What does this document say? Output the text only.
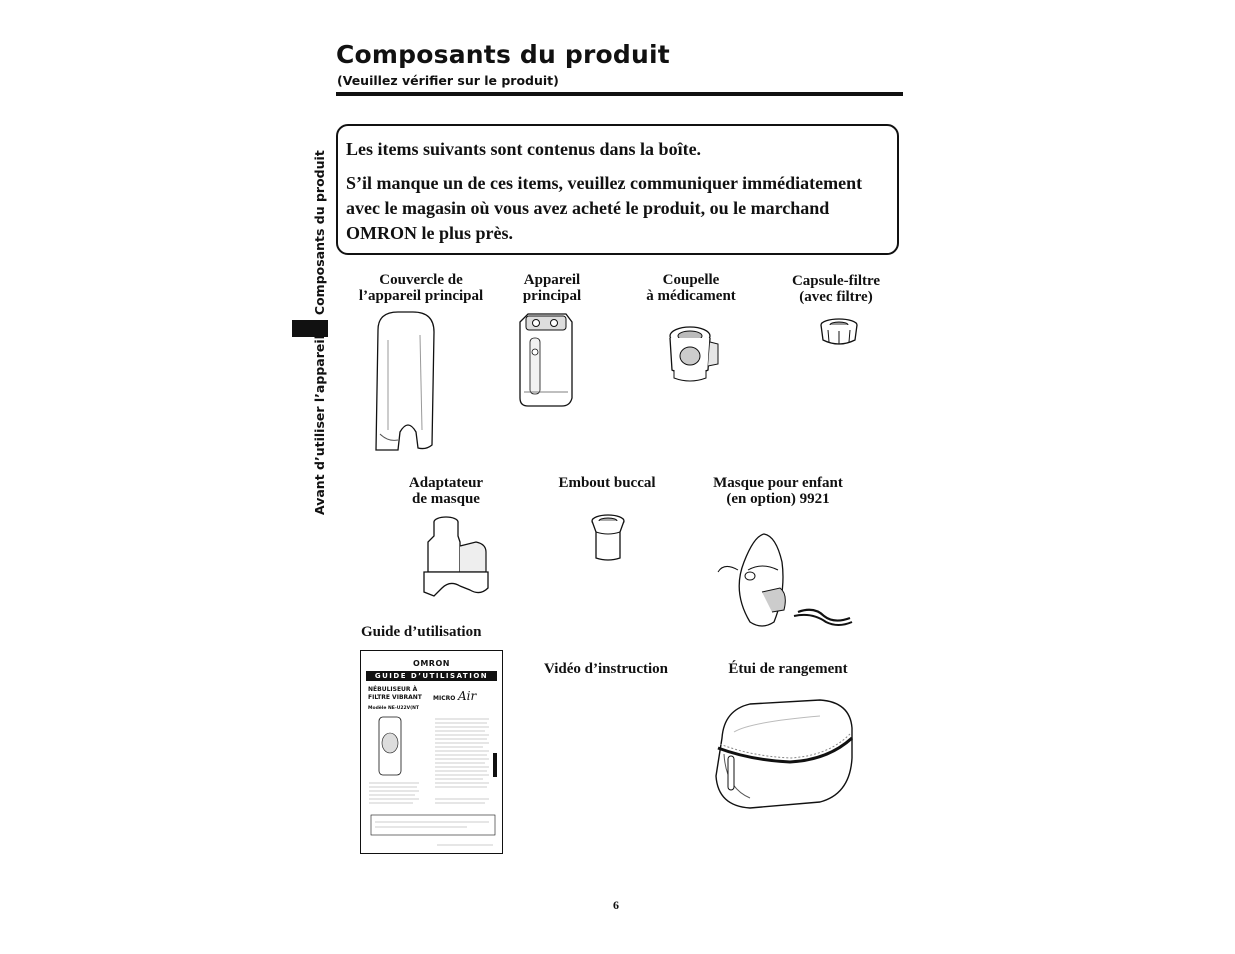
Composants du produit
(Veuillez vérifier sur le produit)
Avant d’utiliser l’appareil
Composants du produit
Les items suivants sont contenus dans la boîte.
S’il manque un de ces items, veuillez communiquer immédiatement
avec le magasin où vous avez acheté le produit, ou le marchand
OMRON le plus près.
Couvercle de
l’appareil principal
Appareil
principal
Coupelle
à médicament
Capsule-filtre
(avec filtre)
Adaptateur
de masque
Embout buccal	Masque pour enfant
(en option) 9921
Guide d’utilisation
Vidéo d’instruction	Étui de rangement
OMRON
GUIDE D’UTILISATION
NÉBULISEUR À
FILTRE VIBRANT
Modèle NE-U22V(NT
MICRO Air
6
